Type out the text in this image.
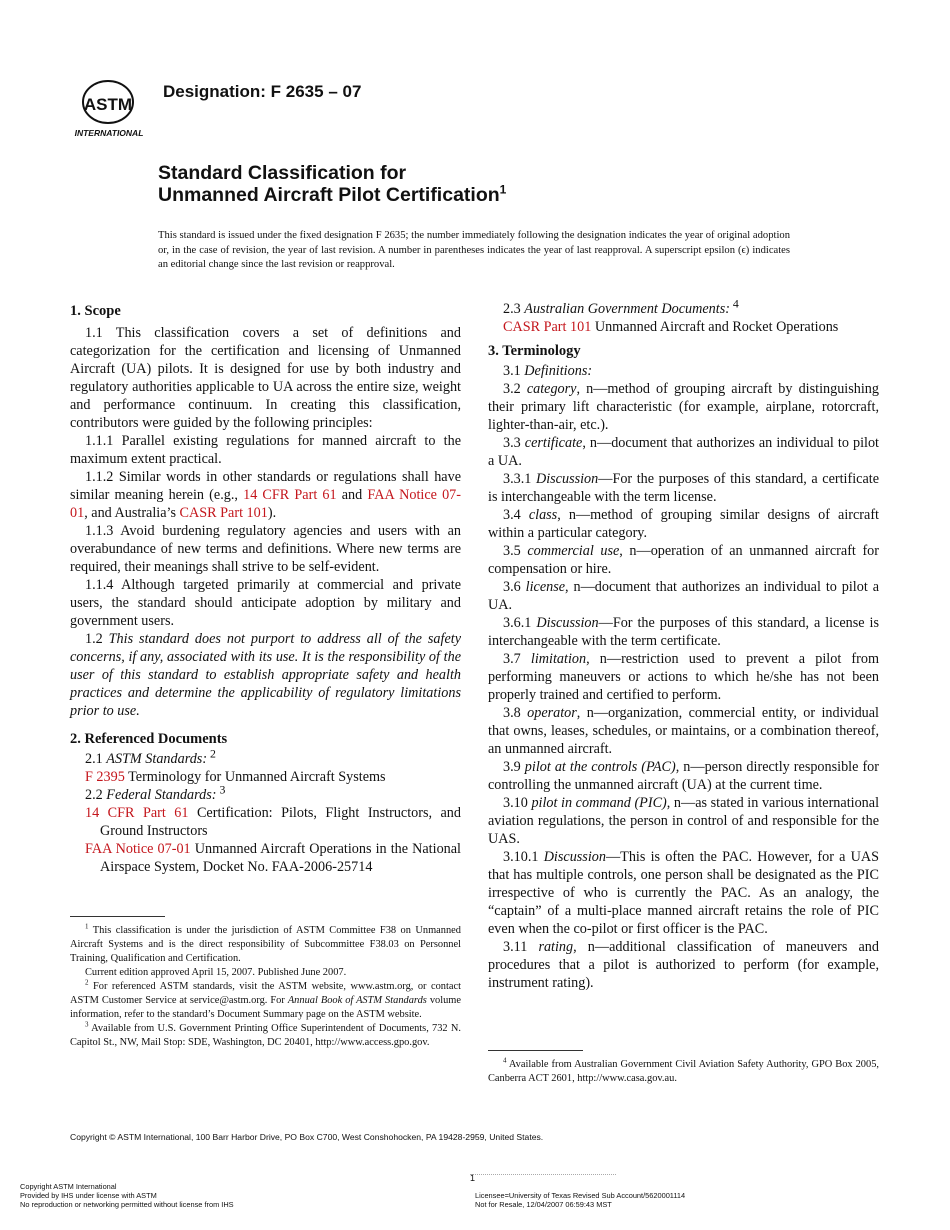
ASTM
INTERNATIONAL
Designation: F 2635 – 07
Standard Classification for
Unmanned Aircraft Pilot Certification$^1$
This standard is issued under the fixed designation F 2635; the number immediately following the designation indicates the year of original adoption or, in the case of revision, the year of last revision. A number in parentheses indicates the year of last reapproval. A superscript epsilon (ϵ) indicates an editorial change since the last revision or reapproval.
1. Scope

1.1 This classification covers a set of definitions and categorization for the certification and licensing of Unmanned Aircraft (UA) pilots. It is designed for use by both industry and regulatory authorities applicable to UA across the entire size, weight and performance continuum. In creating this classification, contributors were guided by the following principles:

1.1.1 Parallel existing regulations for manned aircraft to the maximum extent practical.

1.1.2 Similar words in other standards or regulations shall have similar meaning herein (e.g., 14 CFR Part 61 and FAA Notice 07-01, and Australia’s CASR Part 101).

1.1.3 Avoid burdening regulatory agencies and users with an overabundance of new terms and definitions. Where new terms are required, their meanings shall strive to be self-evident.

1.1.4 Although targeted primarily at commercial and private users, the standard should anticipate adoption by military and government users.

1.2 This standard does not purport to address all of the safety concerns, if any, associated with its use. It is the responsibility of the user of this standard to establish appropriate safety and health practices and determine the applicability of regulatory limitations prior to use.

2. Referenced Documents

2.1 ASTM Standards: $^2$

F 2395 Terminology for Unmanned Aircraft Systems

2.2 Federal Standards: $^3$

14 CFR Part 61 Certification: Pilots, Flight Instructors, and Ground Instructors

FAA Notice 07-01 Unmanned Aircraft Operations in the National Airspace System, Docket No. FAA-2006-25714

$^1$ This classification is under the jurisdiction of ASTM Committee F38 on Unmanned Aircraft Systems and is the direct responsibility of Subcommittee F38.03 on Personnel Training, Qualification and Certification.

Current edition approved April 15, 2007. Published June 2007.

$^2$ For referenced ASTM standards, visit the ASTM website, www.astm.org, or contact ASTM Customer Service at service@astm.org. For Annual Book of ASTM Standards volume information, refer to the standard’s Document Summary page on the ASTM website.

$^3$ Available from U.S. Government Printing Office Superintendent of Documents, 732 N. Capitol St., NW, Mail Stop: SDE, Washington, DC 20401, http://www.access.gpo.gov.

2.3 Australian Government Documents: $^4$

CASR Part 101 Unmanned Aircraft and Rocket Operations

3. Terminology

3.1 Definitions:

3.2 category, n—method of grouping aircraft by distinguishing their primary lift characteristic (for example, airplane, rotorcraft, lighter-than-air, etc.).

3.3 certificate, n—document that authorizes an individual to pilot a UA.

3.3.1 Discussion—For the purposes of this standard, a certificate is interchangeable with the term license.

3.4 class, n—method of grouping similar designs of aircraft within a particular category.

3.5 commercial use, n—operation of an unmanned aircraft for compensation or hire.

3.6 license, n—document that authorizes an individual to pilot a UA.

3.6.1 Discussion—For the purposes of this standard, a license is interchangeable with the term certificate.

3.7 limitation, n—restriction used to prevent a pilot from performing maneuvers or actions to which he/she has not been properly trained and certified to perform.

3.8 operator, n—organization, commercial entity, or individual that owns, leases, schedules, or maintains, or a combination thereof, an unmanned aircraft.

3.9 pilot at the controls (PAC), n—person directly responsible for controlling the unmanned aircraft (UA) at the current time.

3.10 pilot in command (PIC), n—as stated in various international aviation regulations, the person in control of and responsible for the UAS.

3.10.1 Discussion—This is often the PAC. However, for a UAS that has multiple controls, one person shall be designated as the PIC irrespective of who is currently the PAC. As an analogy, the “captain” of a multi-place manned aircraft retains the role of PIC even when the co-pilot or first officer is the PAC.

3.11 rating, n—additional classification of maneuvers and procedures that a pilot is authorized to perform (for example, instrument rating).

$^4$ Available from Australian Government Civil Aviation Safety Authority, GPO Box 2005, Canberra ACT 2601, http://www.casa.gov.au.

Copyright © ASTM International, 100 Barr Harbor Drive, PO Box C700, West Conshohocken, PA 19428-2959, United States.
1
Copyright ASTM International
Provided by IHS under license with ASTM
No reproduction or networking permitted without license from IHS
Licensee=University of Texas Revised Sub Account/5620001114
Not for Resale, 12/04/2007 06:59:43 MST
